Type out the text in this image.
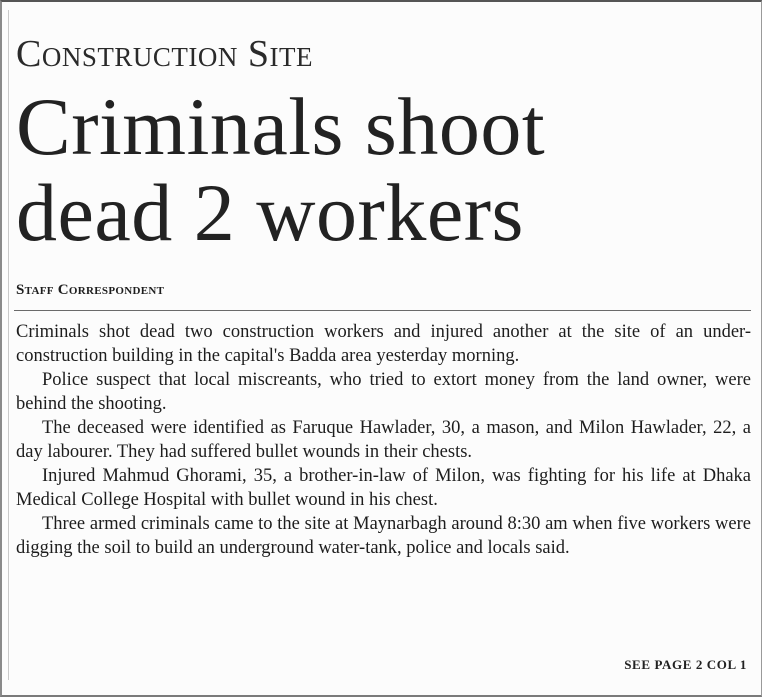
Construction Site
Criminals shoot
dead 2 workers
Staff Correspondent

Criminals shot dead two construction workers and injured another at the site of an under-construction building in the capital's Badda area yesterday morning.

Police suspect that local miscreants, who tried to extort money from the land owner, were behind the shooting.

The deceased were identified as Faruque Hawlader, 30, a mason, and Milon Hawlader, 22, a day labourer. They had suffered bullet wounds in their chests.

Injured Mahmud Ghorami, 35, a brother-in-law of Milon, was fighting for his life at Dhaka Medical College Hospital with bullet wound in his chest.

Three armed criminals came to the site at Maynarbagh around 8:30 am when five workers were digging the soil to build an underground water-tank, police and locals said.

SEE PAGE 2 COL 1
